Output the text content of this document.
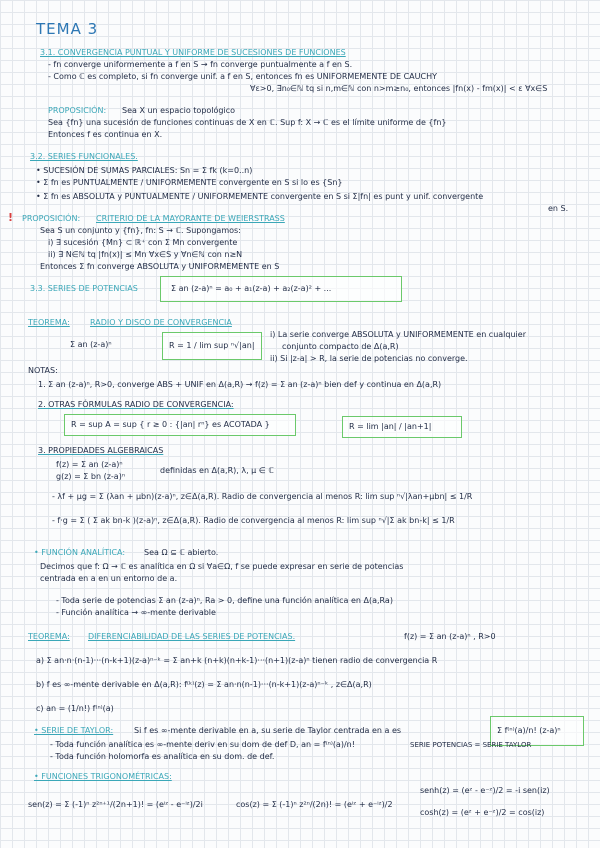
TEMA 3
3.1. CONVERGENCIA PUNTUAL Y UNIFORME DE SUCESIONES DE FUNCIONES
- fn converge uniformemente a f en S → fn converge puntualmente a f en S.
- Como ℂ es completo, si fn converge unif. a f en S, entonces fn es UNIFORMEMENTE DE CAUCHY
∀ε>0, ∃n₀∈ℕ tq si n,m∈ℕ con n>m≥n₀, entonces |fn(x) - fm(x)| < ε ∀x∈S
PROPOSICIÓN: Sea X un espacio topológico
Sea {fn} una sucesión de funciones continuas de X en ℂ. Sup f: X → ℂ es el límite uniforme de {fn}
Entonces f es continua en X.
3.2. SERIES FUNCIONALES.
• SUCESIÓN DE SUMAS PARCIALES: Sn = Σ fk (k=0..n)
• Σ fn es PUNTUALMENTE / UNIFORMEMENTE convergente en S si lo es {Sn}
• Σ fn es ABSOLUTA y PUNTUALMENTE / UNIFORMEMENTE convergente en S si Σ|fn| es punt y unif. convergente
en S.
! PROPOSICIÓN: CRITERIO DE LA MAYORANTE DE WEIERSTRASS
Sea S un conjunto y {fn}, fn: S → ℂ. Supongamos:
i) ∃ sucesión {Mn} ⊂ ℝ⁺ con Σ Mn convergente
ii) ∃ N∈ℕ tq |fn(x)| ≤ Mn ∀x∈S y ∀n∈ℕ con n≥N
Entonces Σ fn converge ABSOLUTA y UNIFORMEMENTE en S
3.3. SERIES DE POTENCIAS	Σ an (z-a)ⁿ = a₀ + a₁(z-a) + a₂(z-a)² + ...
TEOREMA:	RADIO Y DISCO DE CONVERGENCIA
Σ an (z-a)ⁿ	R = 1 / lim sup ⁿ√|an|
i) La serie converge ABSOLUTA y UNIFORMEMENTE en cualquier
conjunto compacto de Δ(a,R)
ii) Si |z-a| > R, la serie de potencias no converge.
NOTAS:
1. Σ an (z-a)ⁿ, R>0, converge ABS + UNIF en Δ(a,R) → f(z) = Σ an (z-a)ⁿ bien def y continua en Δ(a,R)
2. OTRAS FÓRMULAS RADIO DE CONVERGENCIA:
R = sup A = sup { r ≥ 0 : {|an| rⁿ} es ACOTADA }	R = lim |an| / |an+1|
3. PROPIEDADES ALGEBRAICAS
f(z) = Σ an (z-a)ⁿ
g(z) = Σ bn (z-a)ⁿ
definidas en Δ(a,R), λ, μ ∈ ℂ
- λf + μg = Σ (λan + μbn)(z-a)ⁿ, z∈Δ(a,R). Radio de convergencia al menos R: lim sup ⁿ√|λan+μbn| ≤ 1/R
- f·g = Σ ( Σ ak bn-k )(z-a)ⁿ, z∈Δ(a,R). Radio de convergencia al menos R: lim sup ⁿ√|Σ ak bn-k| ≤ 1/R
• FUNCIÓN ANALÍTICA: Sea Ω ⊆ ℂ abierto.
Decimos que f: Ω → ℂ es analítica en Ω si ∀a∈Ω, f se puede expresar en serie de potencias
centrada en a en un entorno de a.
- Toda serie de potencias Σ an (z-a)ⁿ, Ra > 0, define una función analítica en Δ(a,Ra)
- Función analítica → ∞-mente derivable
TEOREMA: DIFERENCIABILIDAD DE LAS SERIES DE POTENCIAS.	f(z) = Σ an (z-a)ⁿ , R>0
a) Σ an·n·(n-1)···(n-k+1)(z-a)ⁿ⁻ᵏ = Σ an+k (n+k)(n+k-1)···(n+1)(z-a)ⁿ tienen radio de convergencia R
b) f es ∞-mente derivable en Δ(a,R): f⁽ᵏ⁾(z) = Σ an·n(n-1)···(n-k+1)(z-a)ⁿ⁻ᵏ , z∈Δ(a,R)
c) an = (1/n!) f⁽ⁿ⁾(a)
• SERIE DE TAYLOR:	Si f es ∞-mente derivable en a, su serie de Taylor centrada en a es	Σ f⁽ⁿ⁾(a)/n! (z-a)ⁿ
- Toda función analítica es ∞-mente deriv en su dom de def D, an = f⁽ⁿ⁾(a)/n!	SERIE POTENCIAS = SERIE TAYLOR
- Toda función holomorfa es analítica en su dom. de def.
• FUNCIONES TRIGONOMÉTRICAS:
sen(z) = Σ (-1)ⁿ z²ⁿ⁺¹/(2n+1)! = (eⁱᶻ - e⁻ⁱᶻ)/2i	cos(z) = Σ (-1)ⁿ z²ⁿ/(2n)! = (eⁱᶻ + e⁻ⁱᶻ)/2
senh(z) = (eᶻ - e⁻ᶻ)/2 = -i sen(iz)
cosh(z) = (eᶻ + e⁻ᶻ)/2 = cos(iz)
